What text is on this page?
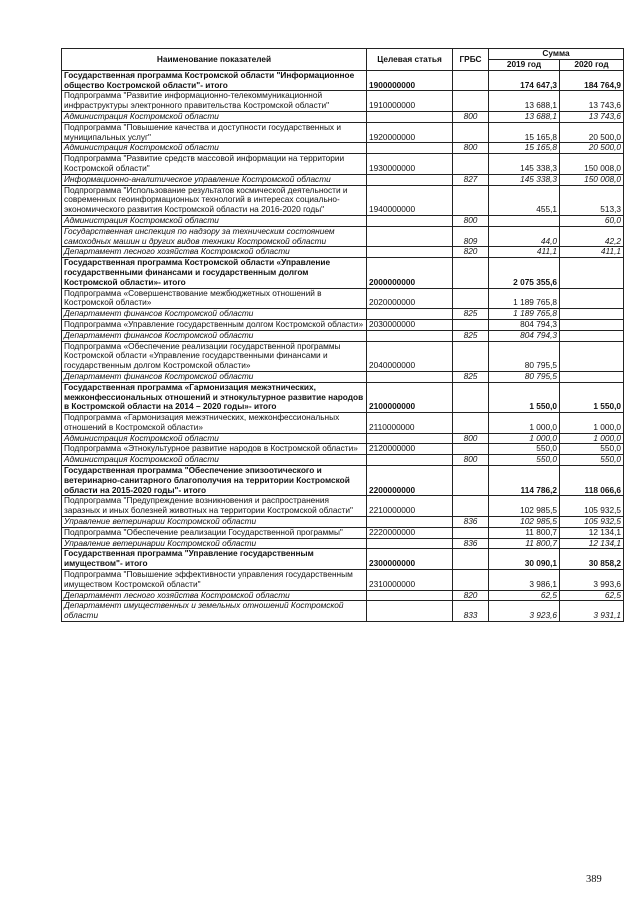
Наименование показателей	Целевая статья	ГРБС	Сумма	
			2019 год	2020 год
Государственная программа Костромской области "Информационное общество Костромской области"- итого	1900000000		174 647,3	184 764,9
Подпрограмма "Развитие информационно-телекоммуникационной инфраструктуры электронного правительства Костромской области"	1910000000		13 688,1	13 743,6
Администрация Костромской области		800	13 688,1	13 743,6
Подпрограмма "Повышение качества и доступности государственных и муниципальных услуг"	1920000000		15 165,8	20 500,0
Администрация Костромской области		800	15 165,8	20 500,0
Подпрограмма "Развитие средств массовой информации на территории Костромской области"	1930000000		145 338,3	150 008,0
Информационно-аналитическое управление Костромской области		827	145 338,3	150 008,0
Подпрограмма "Использование результатов космической деятельности и современных геоинформационных технологий в интересах социально-экономического развития Костромской области на 2016-2020 годы"	1940000000		455,1	513,3
Администрация Костромской области		800		60,0
Государственная инспекция по надзору за техническим состоянием самоходных машин и других видов техники Костромской области		809	44,0	42,2
Департамент лесного хозяйства Костромской области		820	411,1	411,1
Государственная программа Костромской области «Управление государственными финансами и государственным долгом Костромской области»- итого	2000000000		2 075 355,6	
Подпрограмма «Совершенствование межбюджетных отношений в Костромской области»	2020000000		1 189 765,8	
Департамент финансов Костромской области		825	1 189 765,8	
Подпрограмма «Управление государственным долгом Костромской области»	2030000000		804 794,3	
Департамент финансов Костромской области		825	804 794,3	
Подпрограмма «Обеспечение реализации государственной программы Костромской области «Управление государственными финансами и государственным долгом Костромской области»	2040000000		80 795,5	
Департамент финансов Костромской области		825	80 795,5	
Государственная программа «Гармонизация межэтнических, межконфессиональных отношений и этнокультурное развитие народов в Костромской области на 2014 – 2020 годы»- итого	2100000000		1 550,0	1 550,0
Подпрограмма «Гармонизация межэтнических, межконфессиональных отношений в Костромской области»	2110000000		1 000,0	1 000,0
Администрация Костромской области		800	1 000,0	1 000,0
Подпрограмма «Этнокультурное развитие народов в Костромской области»	2120000000		550,0	550,0
Администрация Костромской области		800	550,0	550,0
Государственная программа "Обеспечение эпизоотического и ветеринарно-санитарного благополучия на территории Костромской области на 2015-2020 годы"- итого	2200000000		114 786,2	118 066,6
Подпрограмма "Предупреждение возникновения и распространения заразных и иных болезней животных на территории Костромской области"	2210000000		102 985,5	105 932,5
Управление ветеринарии Костромской области		836	102 985,5	105 932,5
Подпрограмма "Обеспечение реализации Государственной программы"	2220000000		11 800,7	12 134,1
Управление ветеринарии Костромской области		836	11 800,7	12 134,1
Государственная программа "Управление государственным имуществом"- итого	2300000000		30 090,1	30 858,2
Подпрограмма "Повышение эффективности управления государственным имуществом Костромской области"	2310000000		3 986,1	3 993,6
Департамент лесного хозяйства Костромской области		820	62,5	62,5
Департамент имущественных и земельных отношений Костромской области		833	3 923,6	3 931,1
389
